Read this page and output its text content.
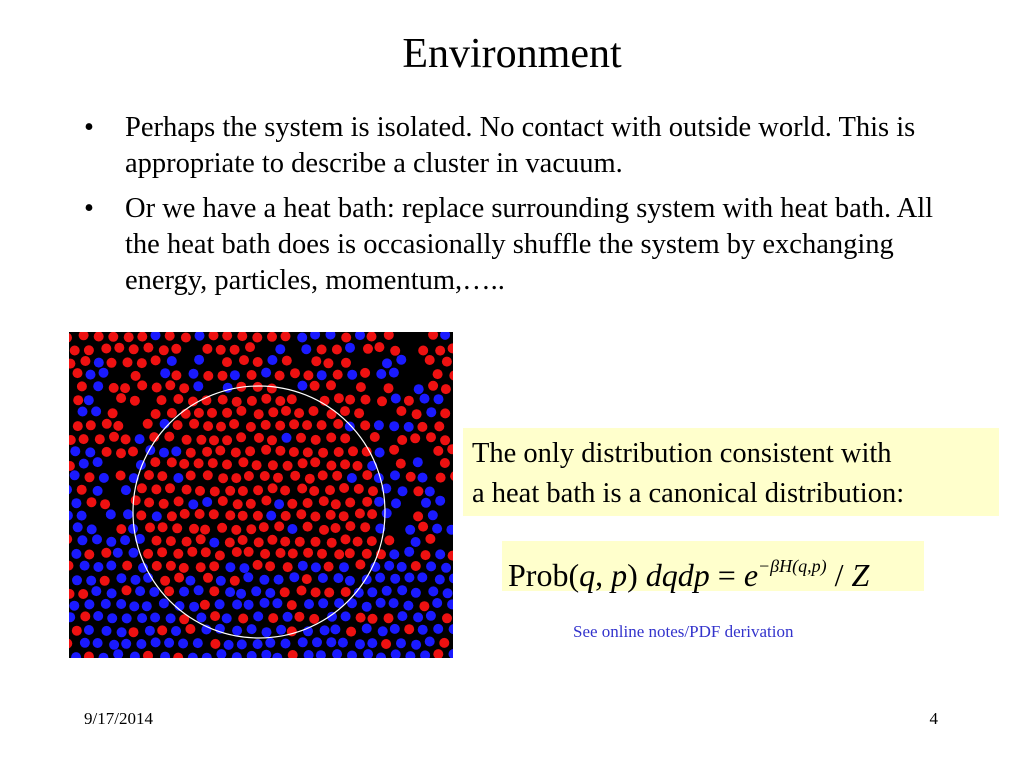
Environment
• Perhaps the system is isolated. No contact with outside world. This is appropriate to describe a cluster in vacuum.
• Or we have a heat bath: replace surrounding system with heat bath. All the heat bath does is occasionally shuffle the system by exchanging energy, particles, momentum,…..
The only distribution consistent with
a heat bath is a canonical distribution:
Prob(q, p) dqdp = $e^{-\beta H(q,p)}$ / Z
See online notes/PDF derivation
9/17/2014	4
